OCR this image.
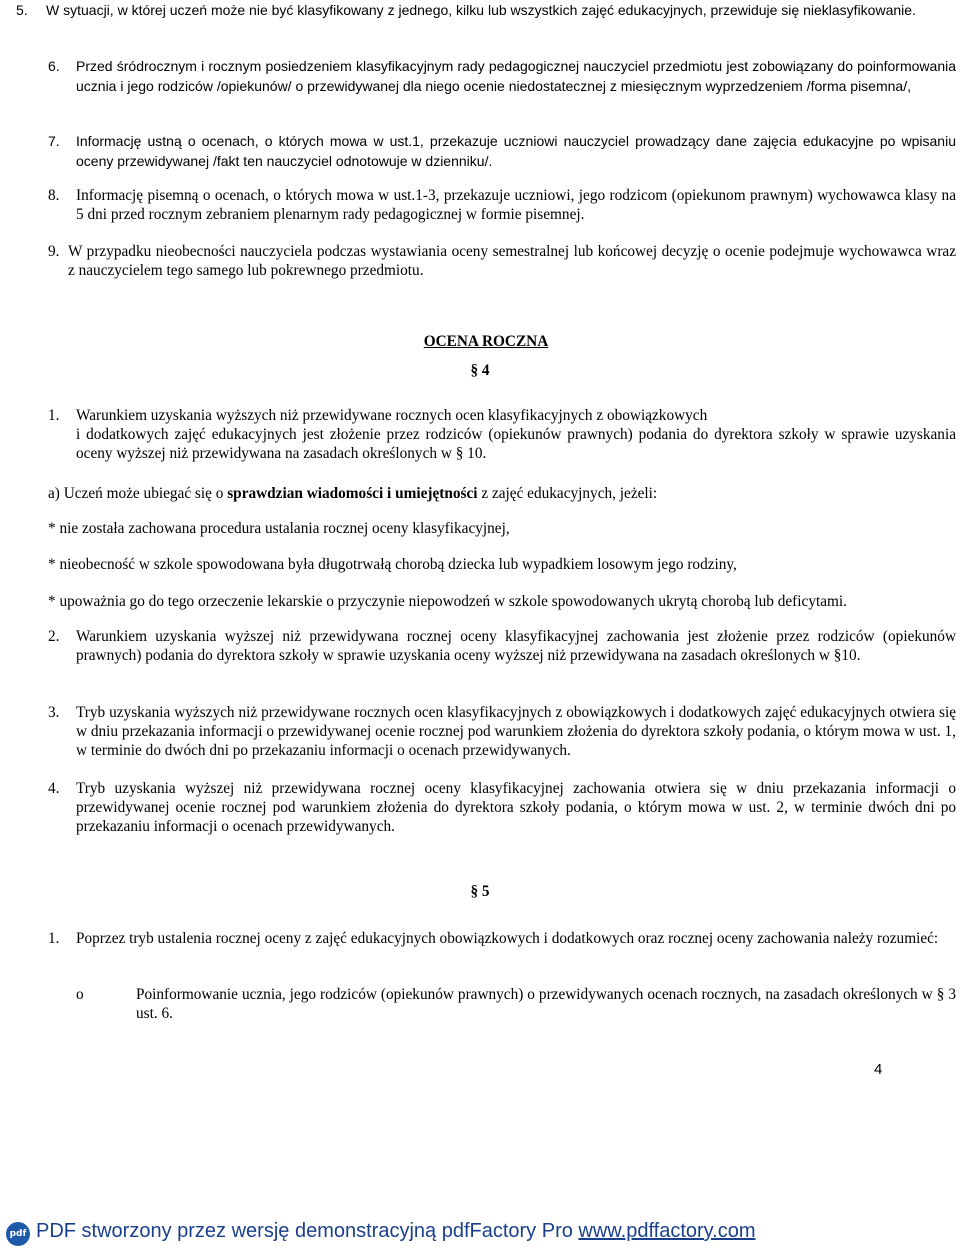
5.	W sytuacji, w której uczeń może nie być klasyfikowany z jednego, kilku lub wszystkich zajęć edukacyjnych, przewiduje się nieklasyfikowanie.
6.	Przed śródrocznym i rocznym posiedzeniem klasyfikacyjnym rady pedagogicznej nauczyciel przedmiotu jest zobowiązany do poinformowania ucznia i jego rodziców /opiekunów/ o przewidywanej dla niego ocenie niedostatecznej z miesięcznym wyprzedzeniem /forma pisemna/,
7.	Informację ustną o ocenach, o których mowa w ust.1, przekazuje uczniowi nauczyciel prowadzący dane zajęcia edukacyjne po wpisaniu oceny przewidywanej /fakt ten nauczyciel odnotowuje w dzienniku/.
8.	Informację pisemną o ocenach, o których mowa w ust.1-3, przekazuje uczniowi, jego rodzicom (opiekunom prawnym) wychowawca klasy na 5 dni przed rocznym zebraniem plenarnym rady pedagogicznej w formie pisemnej.
9. W przypadku nieobecności nauczyciela podczas wystawiania oceny semestralnej lub końcowej decyzję o ocenie podejmuje wychowawca wraz z nauczycielem tego samego lub pokrewnego przedmiotu.
OCENA ROCZNA
§ 4
1.	Warunkiem uzyskania wyższych niż przewidywane rocznych ocen klasyfikacyjnych z obowiązkowych
i dodatkowych zajęć edukacyjnych jest złożenie przez rodziców (opiekunów prawnych) podania do dyrektora szkoły w sprawie uzyskania oceny wyższej niż przewidywana na zasadach określonych w § 10.
a) Uczeń może ubiegać się o sprawdzian wiadomości i umiejętności z zajęć edukacyjnych, jeżeli:
* nie została zachowana procedura ustalania rocznej oceny klasyfikacyjnej,
* nieobecność w szkole spowodowana była długotrwałą chorobą dziecka lub wypadkiem losowym jego rodziny,
* upoważnia go do tego orzeczenie lekarskie o przyczynie niepowodzeń w szkole spowodowanych ukrytą chorobą lub deficytami.
2.	Warunkiem uzyskania wyższej niż przewidywana rocznej oceny klasyfikacyjnej zachowania jest złożenie przez rodziców (opiekunów prawnych) podania do dyrektora szkoły w sprawie uzyskania oceny wyższej niż przewidywana na zasadach określonych w §10.
3.	Tryb uzyskania wyższych niż przewidywane rocznych ocen klasyfikacyjnych z obowiązkowych i dodatkowych zajęć edukacyjnych otwiera się w dniu przekazania informacji o przewidywanej ocenie rocznej pod warunkiem złożenia do dyrektora szkoły podania, o którym mowa w ust. 1, w terminie do dwóch dni po przekazaniu informacji o ocenach przewidywanych.
4.	Tryb uzyskania wyższej niż przewidywana rocznej oceny klasyfikacyjnej zachowania otwiera się w dniu przekazania informacji o przewidywanej ocenie rocznej pod warunkiem złożenia do dyrektora szkoły podania, o którym mowa w ust. 2, w terminie dwóch dni po przekazaniu informacji o ocenach przewidywanych.
§ 5
1.	Poprzez tryb ustalenia rocznej oceny z zajęć edukacyjnych obowiązkowych i dodatkowych oraz rocznej oceny zachowania należy rozumieć:
o	Poinformowanie ucznia, jego rodziców (opiekunów prawnych) o przewidywanych ocenach rocznych, na zasadach określonych w § 3 ust. 6.
4
pdf PDF stworzony przez wersję demonstracyjną pdfFactory Pro www.pdffactory.com
